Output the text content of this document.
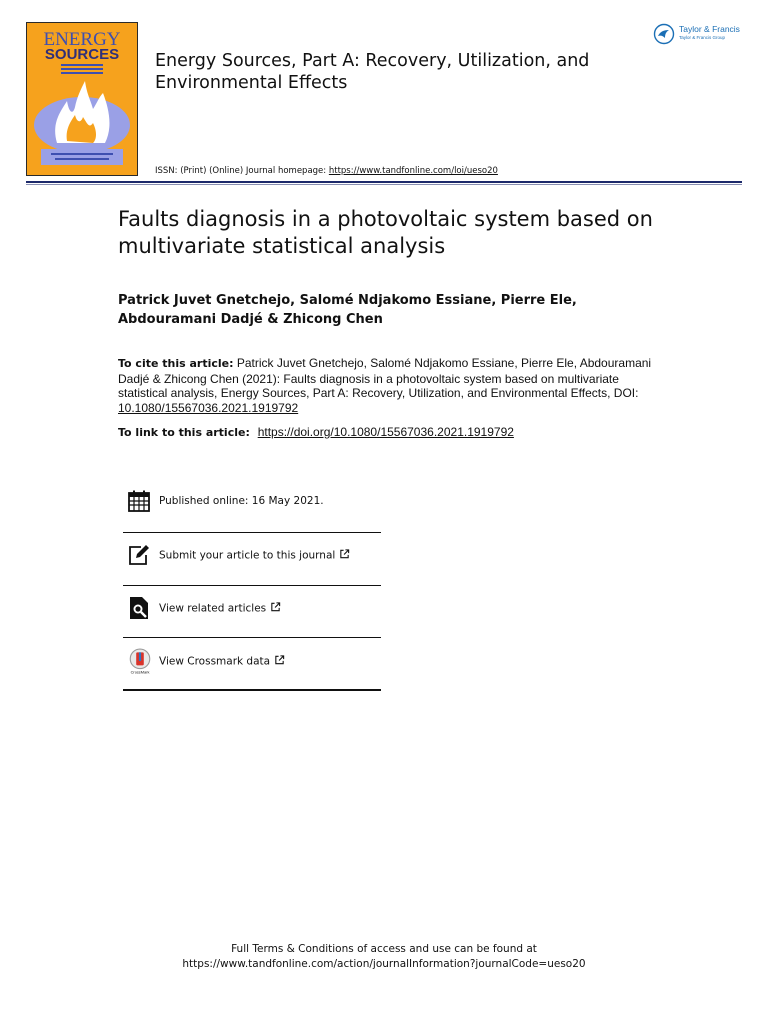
ENERGY
SOURCES Energy Sources, Part A: Recovery, Utilization, and Environmental Effects
Taylor & Francis
Taylor & Francis Group
ISSN: (Print) (Online) Journal homepage: https://www.tandfonline.com/loi/ueso20
Faults diagnosis in a photovoltaic system based on multivariate statistical analysis
Patrick Juvet Gnetchejo, Salomé Ndjakomo Essiane, Pierre Ele, Abdouramani Dadjé & Zhicong Chen
To cite this article: Patrick Juvet Gnetchejo, Salomé Ndjakomo Essiane, Pierre Ele, Abdouramani Dadjé & Zhicong Chen (2021): Faults diagnosis in a photovoltaic system based on multivariate statistical analysis, Energy Sources, Part A: Recovery, Utilization, and Environmental Effects, DOI: 10.1080/15567036.2021.1919792
To link to this article: https://doi.org/10.1080/15567036.2021.1919792
Published online: 16 May 2021.
Submit your article to this journal
View related articles
CrossMark
View Crossmark data
Full Terms & Conditions of access and use can be found at
https://www.tandfonline.com/action/journalInformation?journalCode=ueso20
